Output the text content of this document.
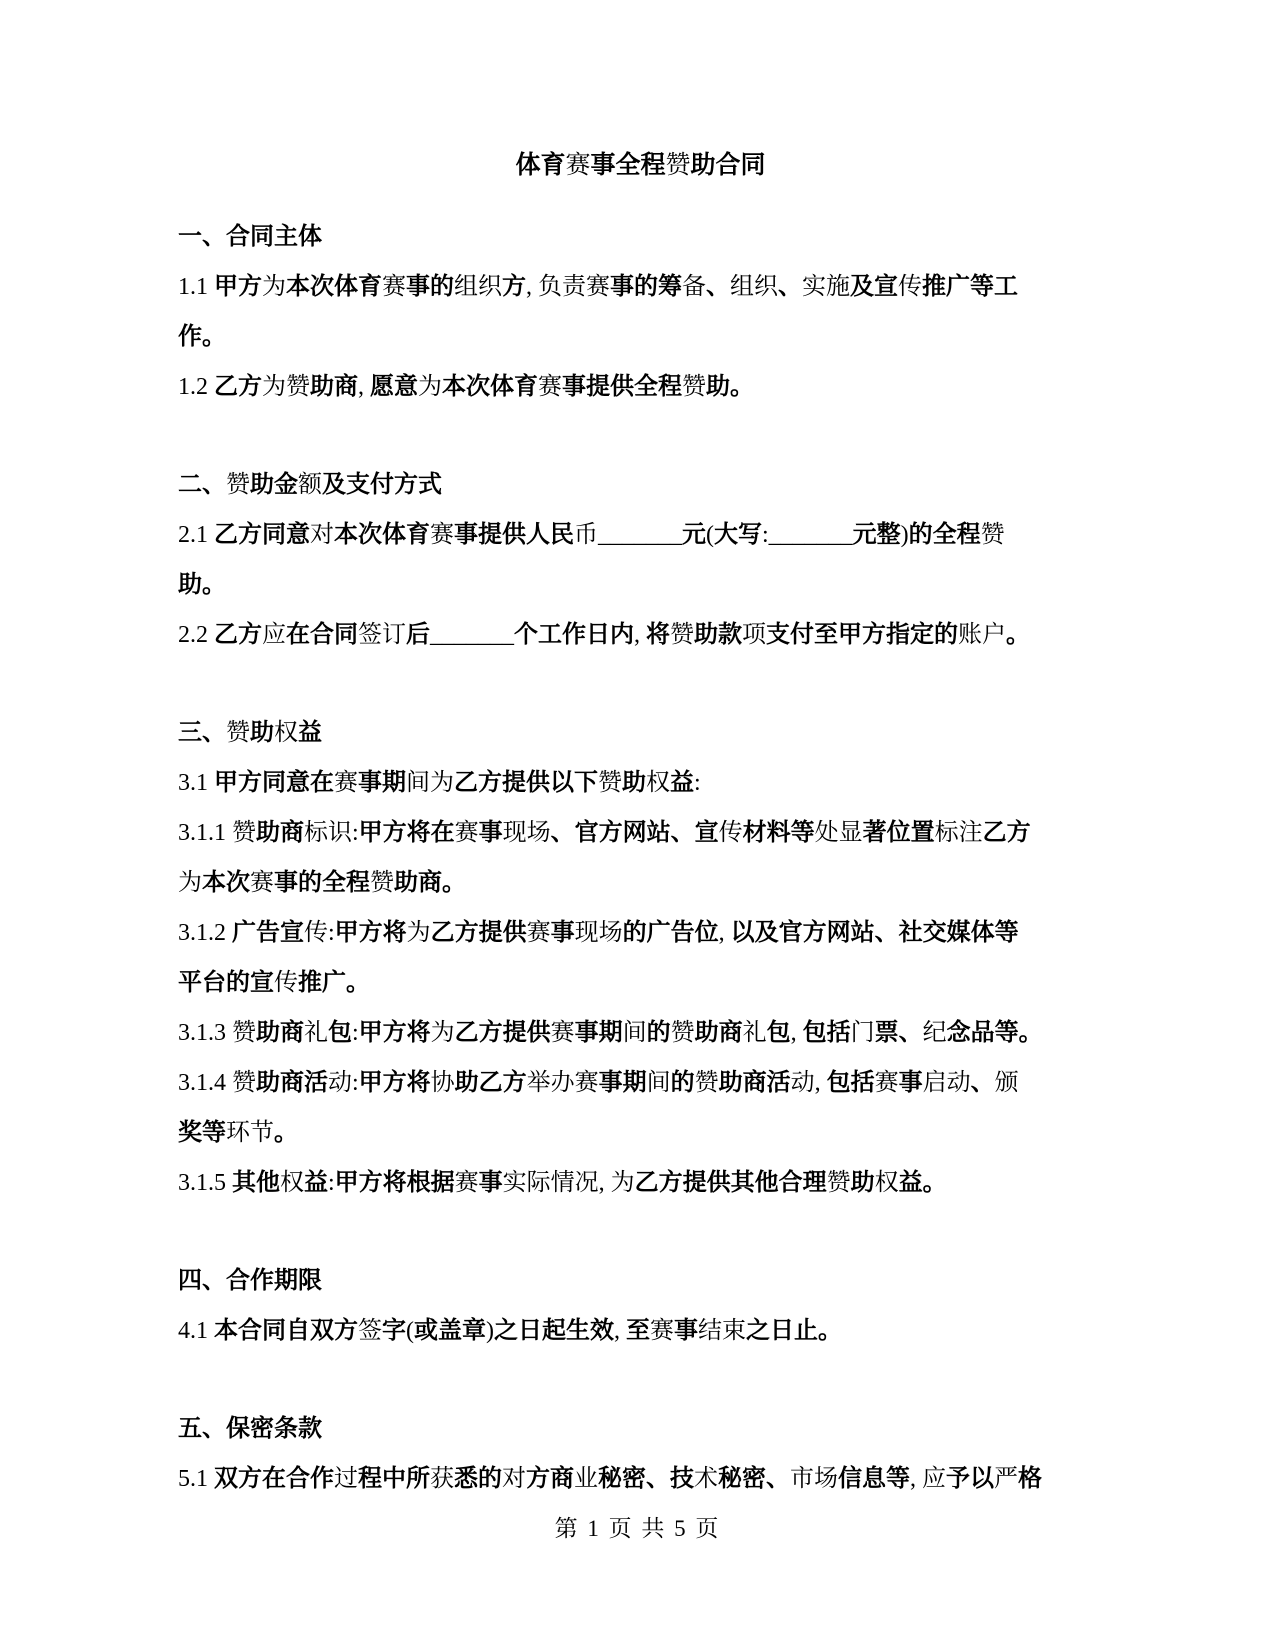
体育赛事全程赞助合同
一、合同主体
1.1 甲方为本次体育赛事的组织方, 负责赛事的筹备、组织、实施及宣传推广等工
作。
1.2 乙方为赞助商, 愿意为本次体育赛事提供全程赞助。
二、赞助金额及支付方式
2.1 乙方同意对本次体育赛事提供人民币_______元(大写:_______元整)的全程赞
助。
2.2 乙方应在合同签订后_______个工作日内, 将赞助款项支付至甲方指定的账户。
三、赞助权益
3.1 甲方同意在赛事期间为乙方提供以下赞助权益:
3.1.1 赞助商标识:甲方将在赛事现场、官方网站、宣传材料等处显著位置标注乙方
为本次赛事的全程赞助商。
3.1.2 广告宣传:甲方将为乙方提供赛事现场的广告位, 以及官方网站、社交媒体等
平台的宣传推广。
3.1.3 赞助商礼包:甲方将为乙方提供赛事期间的赞助商礼包, 包括门票、纪念品等。
3.1.4 赞助商活动:甲方将协助乙方举办赛事期间的赞助商活动, 包括赛事启动、颁
奖等环节。
3.1.5 其他权益:甲方将根据赛事实际情况, 为乙方提供其他合理赞助权益。
四、合作期限
4.1 本合同自双方签字(或盖章)之日起生效, 至赛事结束之日止。
五、保密条款
5.1 双方在合作过程中所获悉的对方商业秘密、技术秘密、市场信息等, 应予以严格
第 1 页 共 5 页
